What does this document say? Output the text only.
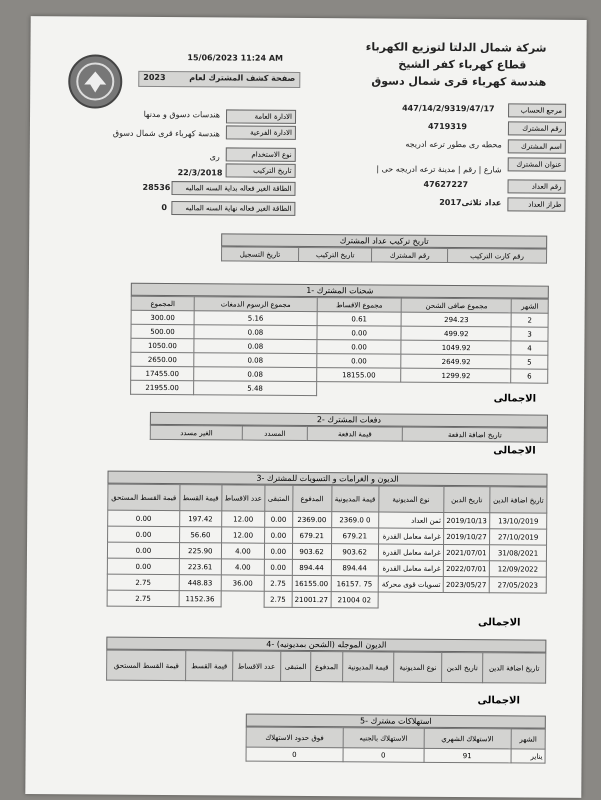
شركة شمال الدلتا لتوزيع الكهرباء
قطاع كهرباء كفر الشيخ
هندسة كهرباء قرى شمال دسوق
15/06/2023 11:24 AM
صفحة كشف المشترك لعام
2023
مرجع الحساب
447/14/2/9319/47/17
رقم المشترك
4719319
اسم المشترك
محطه رى مطور ترعه ادريجه
عنوان المشترك
شارع | رقم | مدينة ترعه ادريجه حى |
رقم العداد
47627227
طراز العداد
عداد ثلاثى2017
الادارة العامة
هندسات دسوق و مدنها
الادارة الفرعية
هندسة كهرباء قرى شمال دسوق
نوع الاستخدام
رى
تاريخ التركيب
22/3/2018
الطاقة الغير فعاله بداية السنه الماليه
28536
الطاقة الغير فعاله نهاية السنه الماليه
0
تاريخ تركيب عداد المشترك
رقم كارت التركيب	رقم المشترك	تاريخ التركيب	تاريخ التسجيل
شحنات المشترك -1
الشهر	مجموع صافى الشحن	مجموع الاقساط	مجموع الرسوم الدمغات	المجموع
2	294.23	0.61	5.16	300.00
3	499.92	0.00	0.08	500.00
4	1049.92	0.00	0.08	1050.00
5	2649.92	0.00	0.08	2650.00
6	1299.92	18155.00	0.08	17455.00
			5.48	21955.00
الاجمالى
دفعات المشترك -2
تاريخ اضافة الدفعة	قيمة الدفعة	المسدد	الغير مسدد
الاجمالى
الديون و الغرامات و التسويات للمشترك -3
تاريخ اضافة الدين	تاريخ الدين	نوع المديونية	قيمة المديونية	المدفوع	المتبقى	عدد الاقساط	قيمة القسط	قيمة القسط المستحق
13/10/2019	2019/10/13	ثمن العداد	2369.0 0	2369.00	0.00	12.00	197.42	0.00
27/10/2019	2019/10/27	غرامة معامل القدرة	679.21	679.21	0.00	12.00	56.60	0.00
31/08/2021	2021/07/01	غرامة معامل القدرة	903.62	903.62	0.00	4.00	225.90	0.00
12/09/2022	2022/07/01	غرامة معامل القدرة	894.44	894.44	0.00	4.00	223.61	0.00
27/05/2023	2023/05/27	تسويات قوى محركة	16157. 75	16155.00	2.75	36.00	448.83	2.75
			21004 02	21001.27	2.75		1152.36	2.75
الاجمالى
الديون الموجله (الشحن بمديونيه) -4
تاريخ اضافة الدين	تاريخ الدين	نوع المديونية	قيمة المديونية	المدفوع	المتبقى	عدد الاقساط	قيمة القسط	قيمة القسط المستحق
الاجمالى
استهلاكات مشترك -5
الشهر	الاستهلاك الشهري	الاستهلاك بالجنيه	فوق حدود الاستهلاك
يناير	91	0	0
